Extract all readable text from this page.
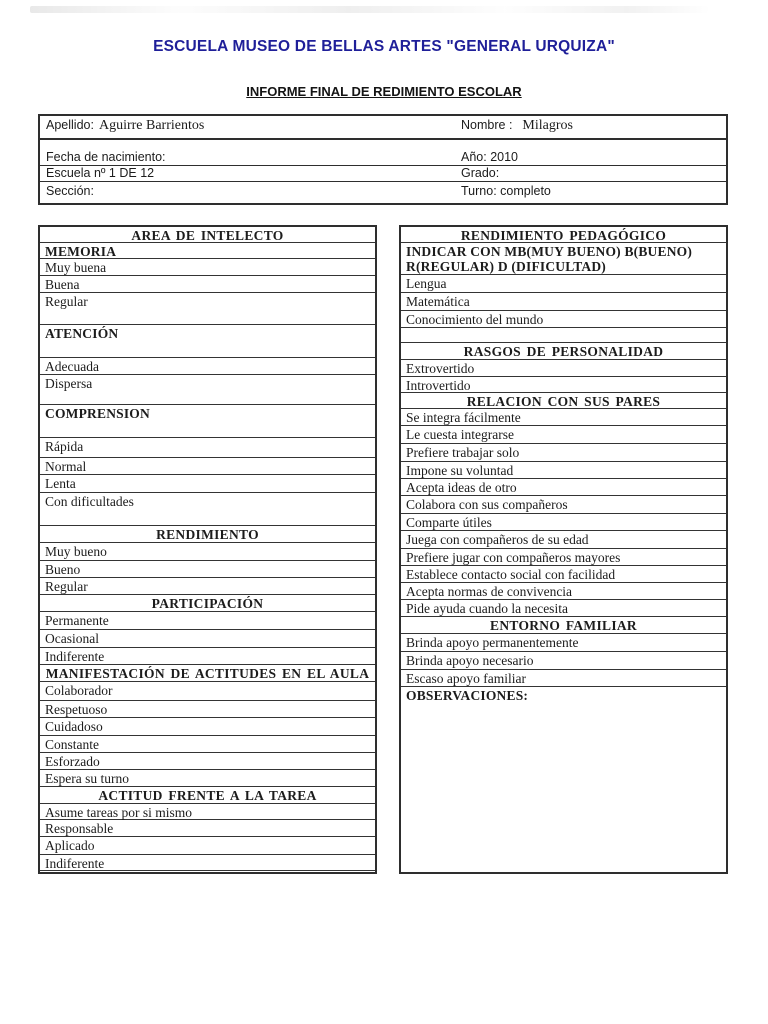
ESCUELA MUSEO DE BELLAS ARTES "GENERAL URQUIZA"
INFORME FINAL DE REDIMIENTO ESCOLAR
Apellido: Aguirre Barrientos	Nombre : Milagros
Fecha de nacimiento:	Año: 2010
Escuela nº 1 DE 12	Grado:
Sección:	Turno: completo
AREA DE INTELECTO
MEMORIA
Muy buena
Buena
Regular
ATENCIÓN
Adecuada
Dispersa
COMPRENSION
Rápida
Normal
Lenta
Con dificultades
RENDIMIENTO
Muy bueno
Bueno
Regular
PARTICIPACIÓN
Permanente
Ocasional
Indiferente
MANIFESTACIÓN DE ACTITUDES EN EL AULA
Colaborador
Respetuoso
Cuidadoso
Constante
Esforzado
Espera su turno
ACTITUD FRENTE A LA TAREA
Asume tareas por si mismo
Responsable
Aplicado
Indiferente
RENDIMIENTO PEDAGÓGICO
INDICAR CON MB(MUY BUENO) B(BUENO) R(REGULAR) D (DIFICULTAD)
Lengua
Matemática
Conocimiento del mundo
RASGOS DE PERSONALIDAD
Extrovertido
Introvertido
RELACION CON SUS PARES
Se integra fácilmente
Le cuesta integrarse
Prefiere trabajar solo
Impone su voluntad
Acepta ideas de otro
Colabora con sus compañeros
Comparte útiles
Juega con compañeros de su edad
Prefiere jugar con compañeros mayores
Establece contacto social con facilidad
Acepta normas de convivencia
Pide ayuda cuando la necesita
ENTORNO FAMILIAR
Brinda apoyo permanentemente
Brinda apoyo necesario
Escaso apoyo familiar
OBSERVACIONES:
